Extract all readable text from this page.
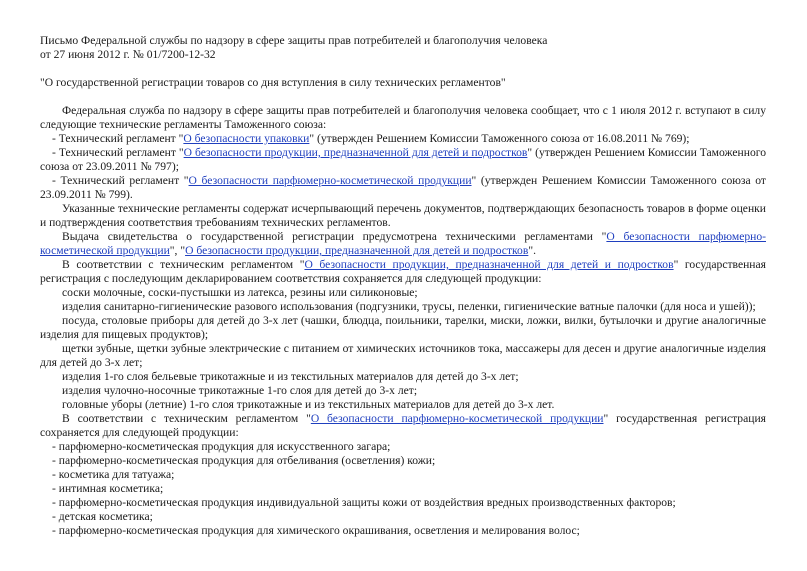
Письмо Федеральной службы по надзору в сфере защиты прав потребителей и благополучия человека

от 27 июня 2012 г. № 01/7200-12-32

"О государственной регистрации товаров со дня вступления в силу технических регламентов"

Федеральная служба по надзору в сфере защиты прав потребителей и благополучия человека сообщает, что с 1 июля 2012 г. вступают в силу следующие технические регламенты Таможенного союза:

- Технический регламент "О безопасности упаковки" (утвержден Решением Комиссии Таможенного союза от 16.08.2011 № 769);

- Технический регламент "О безопасности продукции, предназначенной для детей и подростков" (утвержден Решением Комиссии Таможенного союза от 23.09.2011 № 797);

- Технический регламент "О безопасности парфюмерно-косметической продукции" (утвержден Решением Комиссии Таможенного союза от 23.09.2011 № 799).

Указанные технические регламенты содержат исчерпывающий перечень документов, подтверждающих безопасность товаров в форме оценки и подтверждения соответствия требованиям технических регламентов.

Выдача свидетельства о государственной регистрации предусмотрена техническими регламентами "О безопасности парфюмерно-косметической продукции", "О безопасности продукции, предназначенной для детей и подростков".

В соответствии с техническим регламентом "О безопасности продукции, предназначенной для детей и подростков" государственная регистрация с последующим декларированием соответствия сохраняется для следующей продукции:

соски молочные, соски-пустышки из латекса, резины или силиконовые;

изделия санитарно-гигиенические разового использования (подгузники, трусы, пеленки, гигиенические ватные палочки (для носа и ушей));

посуда, столовые приборы для детей до 3-х лет (чашки, блюдца, поильники, тарелки, миски, ложки, вилки, бутылочки и другие аналогичные изделия для пищевых продуктов);

щетки зубные, щетки зубные электрические с питанием от химических источников тока, массажеры для десен и другие аналогичные изделия для детей до 3-х лет;

изделия 1-го слоя бельевые трикотажные и из текстильных материалов для детей до 3-х лет;

изделия чулочно-носочные трикотажные 1-го слоя для детей до 3-х лет;

головные уборы (летние) 1-го слоя трикотажные и из текстильных материалов для детей до 3-х лет.

В соответствии с техническим регламентом "О безопасности парфюмерно-косметической продукции" государственная регистрация сохраняется для следующей продукции:

- парфюмерно-косметическая продукция для искусственного загара;

- парфюмерно-косметическая продукция для отбеливания (осветления) кожи;

- косметика для татуажа;

- интимная косметика;

- парфюмерно-косметическая продукция индивидуальной защиты кожи от воздействия вредных производственных факторов;

- детская косметика;

- парфюмерно-косметическая продукция для химического окрашивания, осветления и мелирования волос;
